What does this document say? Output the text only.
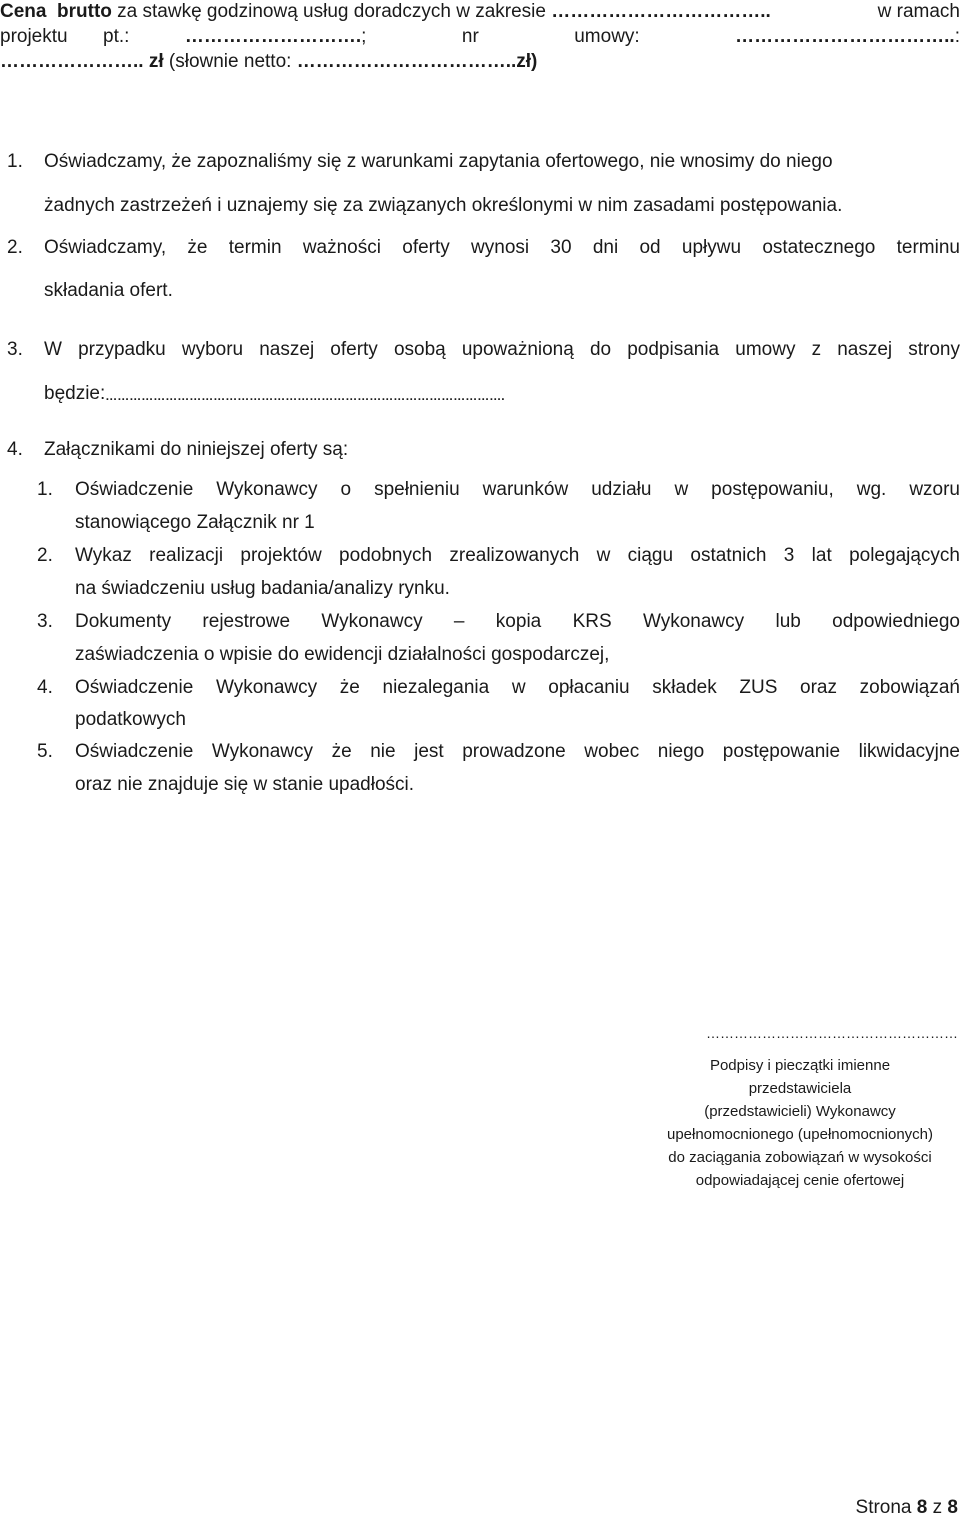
Cena  brutto za stawkę godzinową usług doradczych w zakresie ……………………………..	w ramach
projektu pt.:	………………………. ;	nr	umowy:	…………………………….. :
………………….. zł (słownie netto: …………………………….. zł)
1. Oświadczamy, że zapoznaliśmy się z warunkami zapytania ofertowego, nie wnosimy do niego
żadnych zastrzeżeń i uznajemy się za związanych określonymi w nim zasadami postępowania.
2.	Oświadczamy, że termin ważności oferty wynosi 30 dni od upływu ostatecznego terminu
składania ofert.
3.	W przypadku wyboru naszej oferty osobą upoważnioną do podpisania umowy z naszej strony
będzie: ……………………………………………………………………………………….
4.	Załącznikami do niniejszej oferty są:
1.	Oświadczenie Wykonawcy o spełnieniu warunków udziału w postępowaniu, wg. wzoru
stanowiącego Załącznik nr 1
2.	Wykaz realizacji projektów podobnych zrealizowanych w ciągu ostatnich 3 lat polegających
na świadczeniu usług badania/analizy rynku.
3.	Dokumenty rejestrowe Wykonawcy – kopia KRS Wykonawcy lub odpowiedniego
zaświadczenia o wpisie do ewidencji działalności gospodarczej,
4.	Oświadczenie Wykonawcy że niezalegania w opłacaniu składek ZUS oraz zobowiązań
podatkowych
5.	Oświadczenie Wykonawcy że nie jest prowadzone wobec niego postępowanie likwidacyjne
oraz nie znajduje się w stanie upadłości.
………………………………………………
Podpisy i pieczątki imienne
przedstawiciela
(przedstawicieli) Wykonawcy
upełnomocnionego (upełnomocnionych)
do zaciągania zobowiązań w wysokości
odpowiadającej cenie ofertowej
Strona 8 z 8
